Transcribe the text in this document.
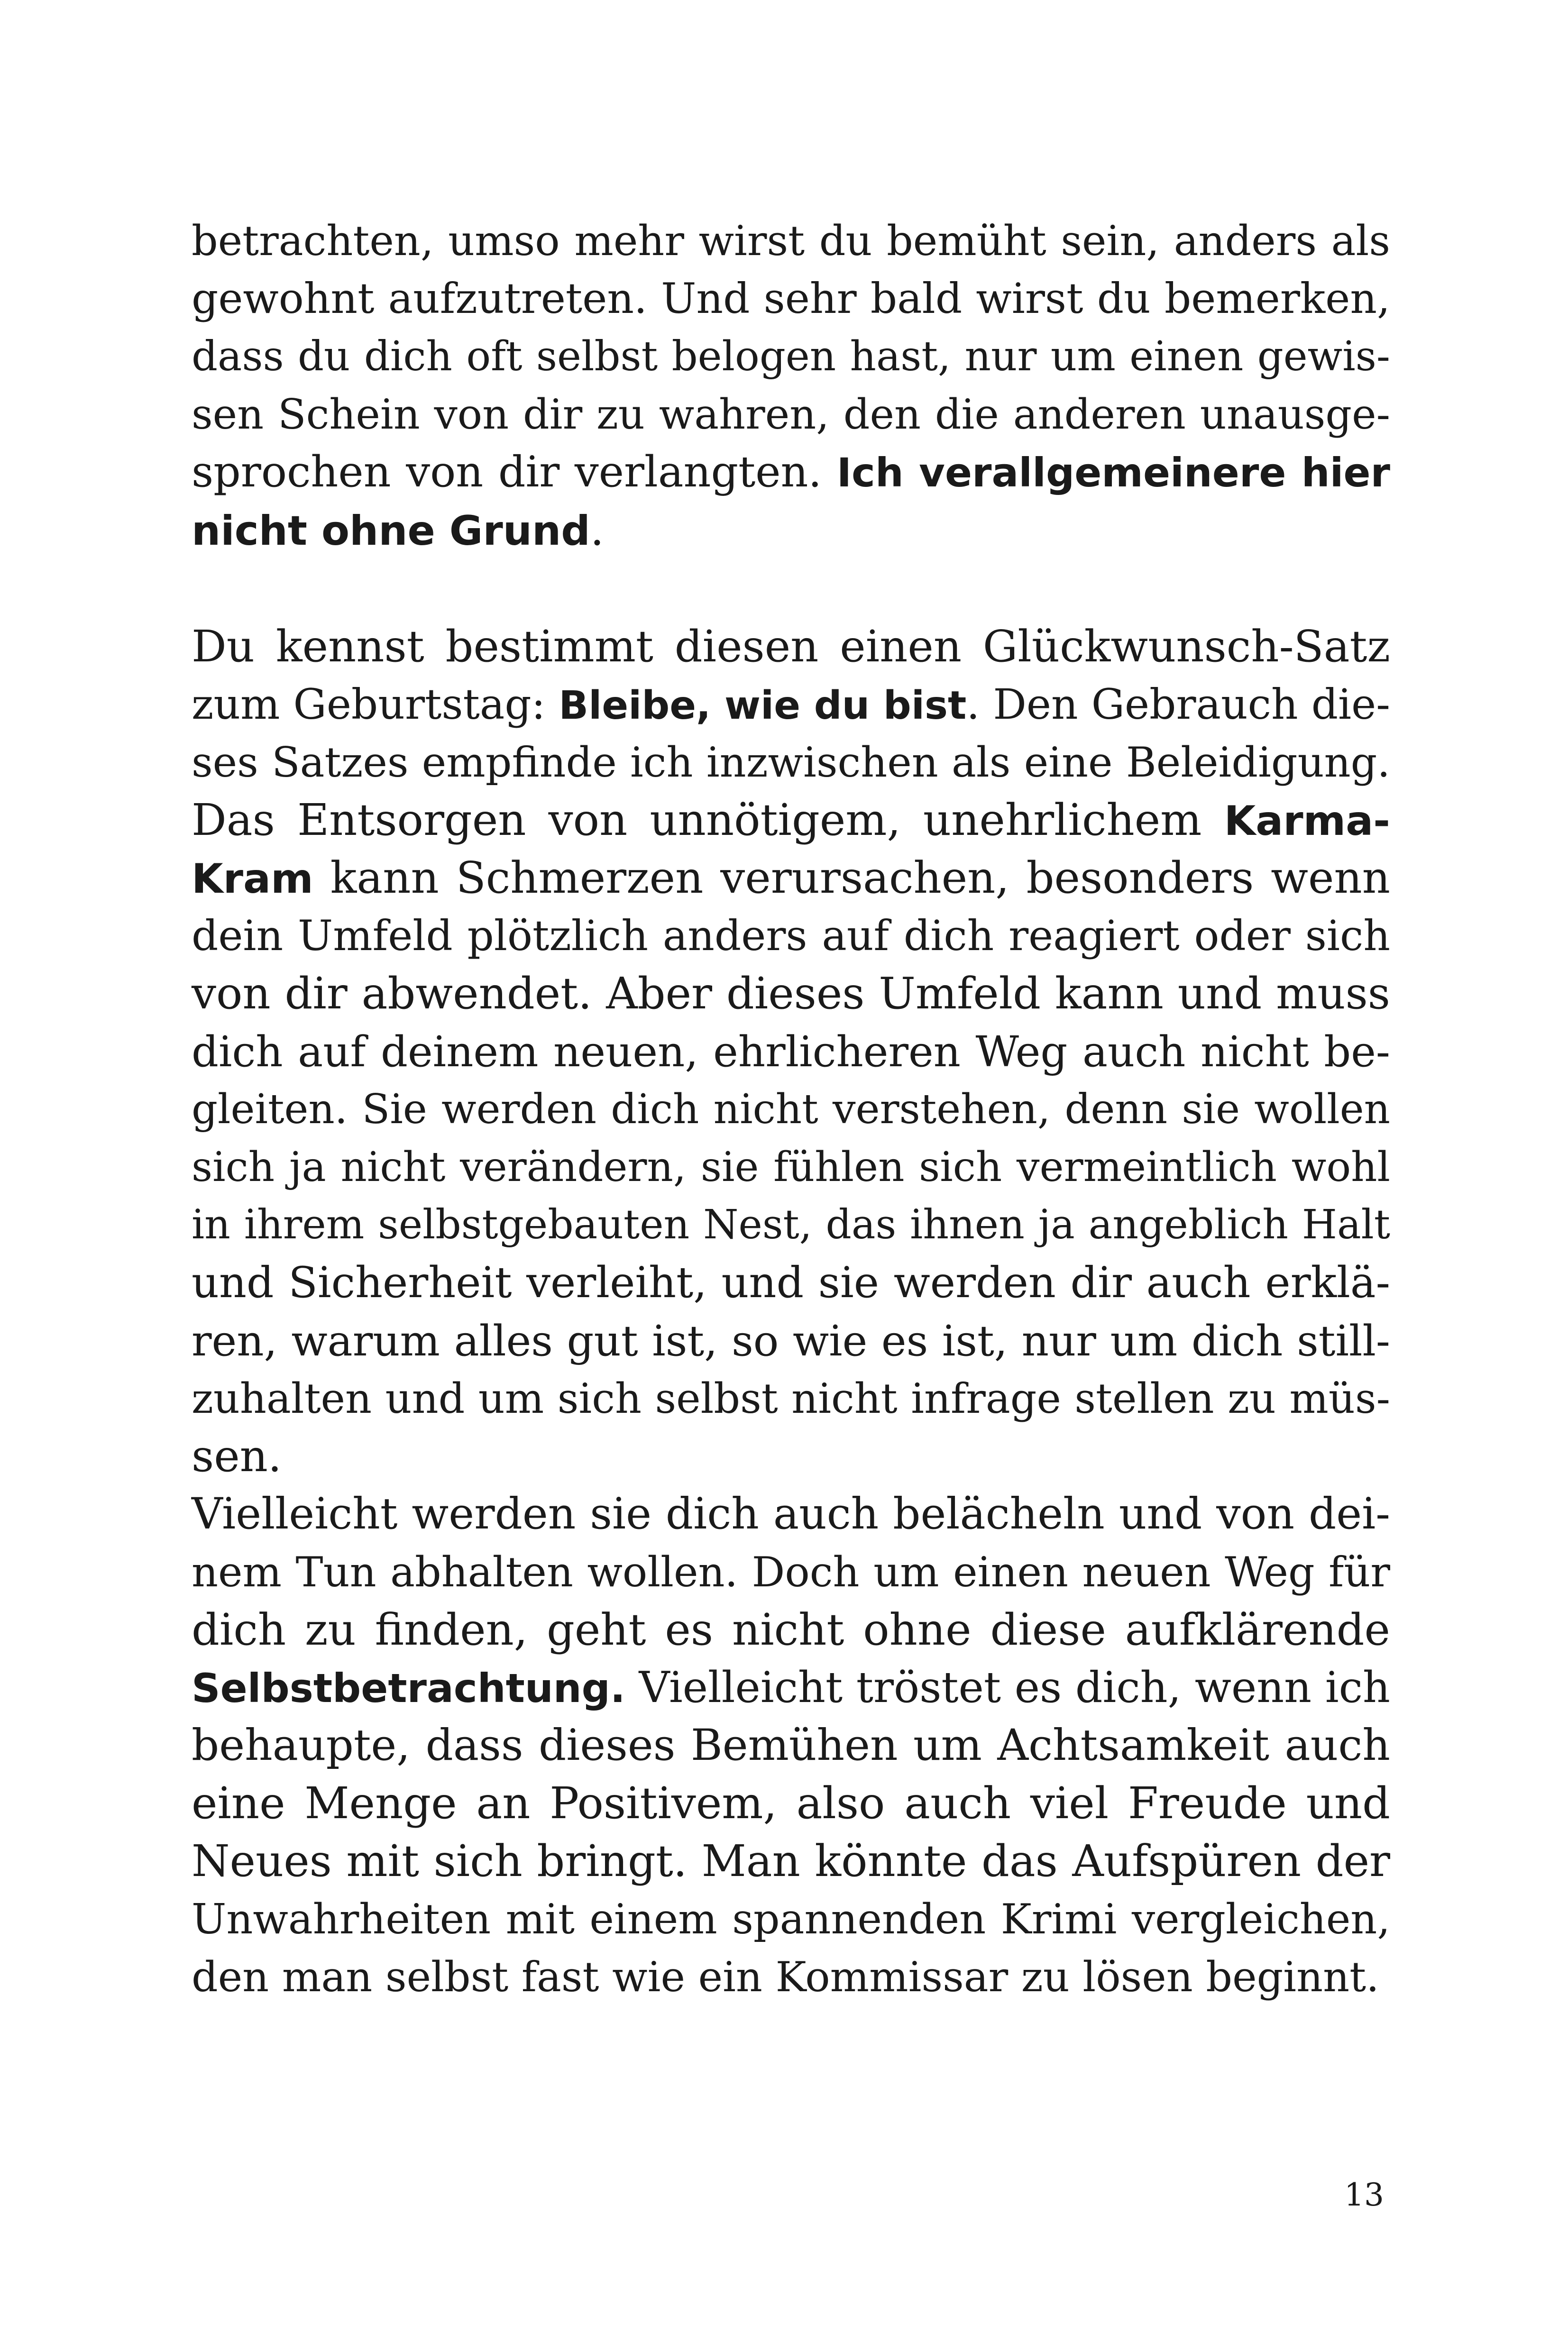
betrachten, umso mehr wirst du bemüht sein, anders als
gewohnt aufzutreten. Und sehr bald wirst du bemerken,
dass du dich oft selbst belogen hast, nur um einen gewis-
sen Schein von dir zu wahren, den die anderen unausge-
sprochen von dir verlangten. Ich verallgemeinere hier
nicht ohne Grund.
Du kennst bestimmt diesen einen Glückwunsch-Satz
zum Geburtstag: Bleibe, wie du bist. Den Gebrauch die-
ses Satzes empfinde ich inzwischen als eine Beleidigung.
Das Entsorgen von unnötigem, unehrlichem Karma-
Kram kann Schmerzen verursachen, besonders wenn
dein Umfeld plötzlich anders auf dich reagiert oder sich
von dir abwendet. Aber dieses Umfeld kann und muss
dich auf deinem neuen, ehrlicheren Weg auch nicht be-
gleiten. Sie werden dich nicht verstehen, denn sie wollen
sich ja nicht verändern, sie fühlen sich vermeintlich wohl
in ihrem selbstgebauten Nest, das ihnen ja angeblich Halt
und Sicherheit verleiht, und sie werden dir auch erklä-
ren, warum alles gut ist, so wie es ist, nur um dich still-
zuhalten und um sich selbst nicht infrage stellen zu müs-
sen.
Vielleicht werden sie dich auch belächeln und von dei-
nem Tun abhalten wollen. Doch um einen neuen Weg für
dich zu finden, geht es nicht ohne diese aufklärende
Selbstbetrachtung. Vielleicht tröstet es dich, wenn ich
behaupte, dass dieses Bemühen um Achtsamkeit auch
eine Menge an Positivem, also auch viel Freude und
Neues mit sich bringt. Man könnte das Aufspüren der
Unwahrheiten mit einem spannenden Krimi vergleichen,
den man selbst fast wie ein Kommissar zu lösen beginnt.
13
